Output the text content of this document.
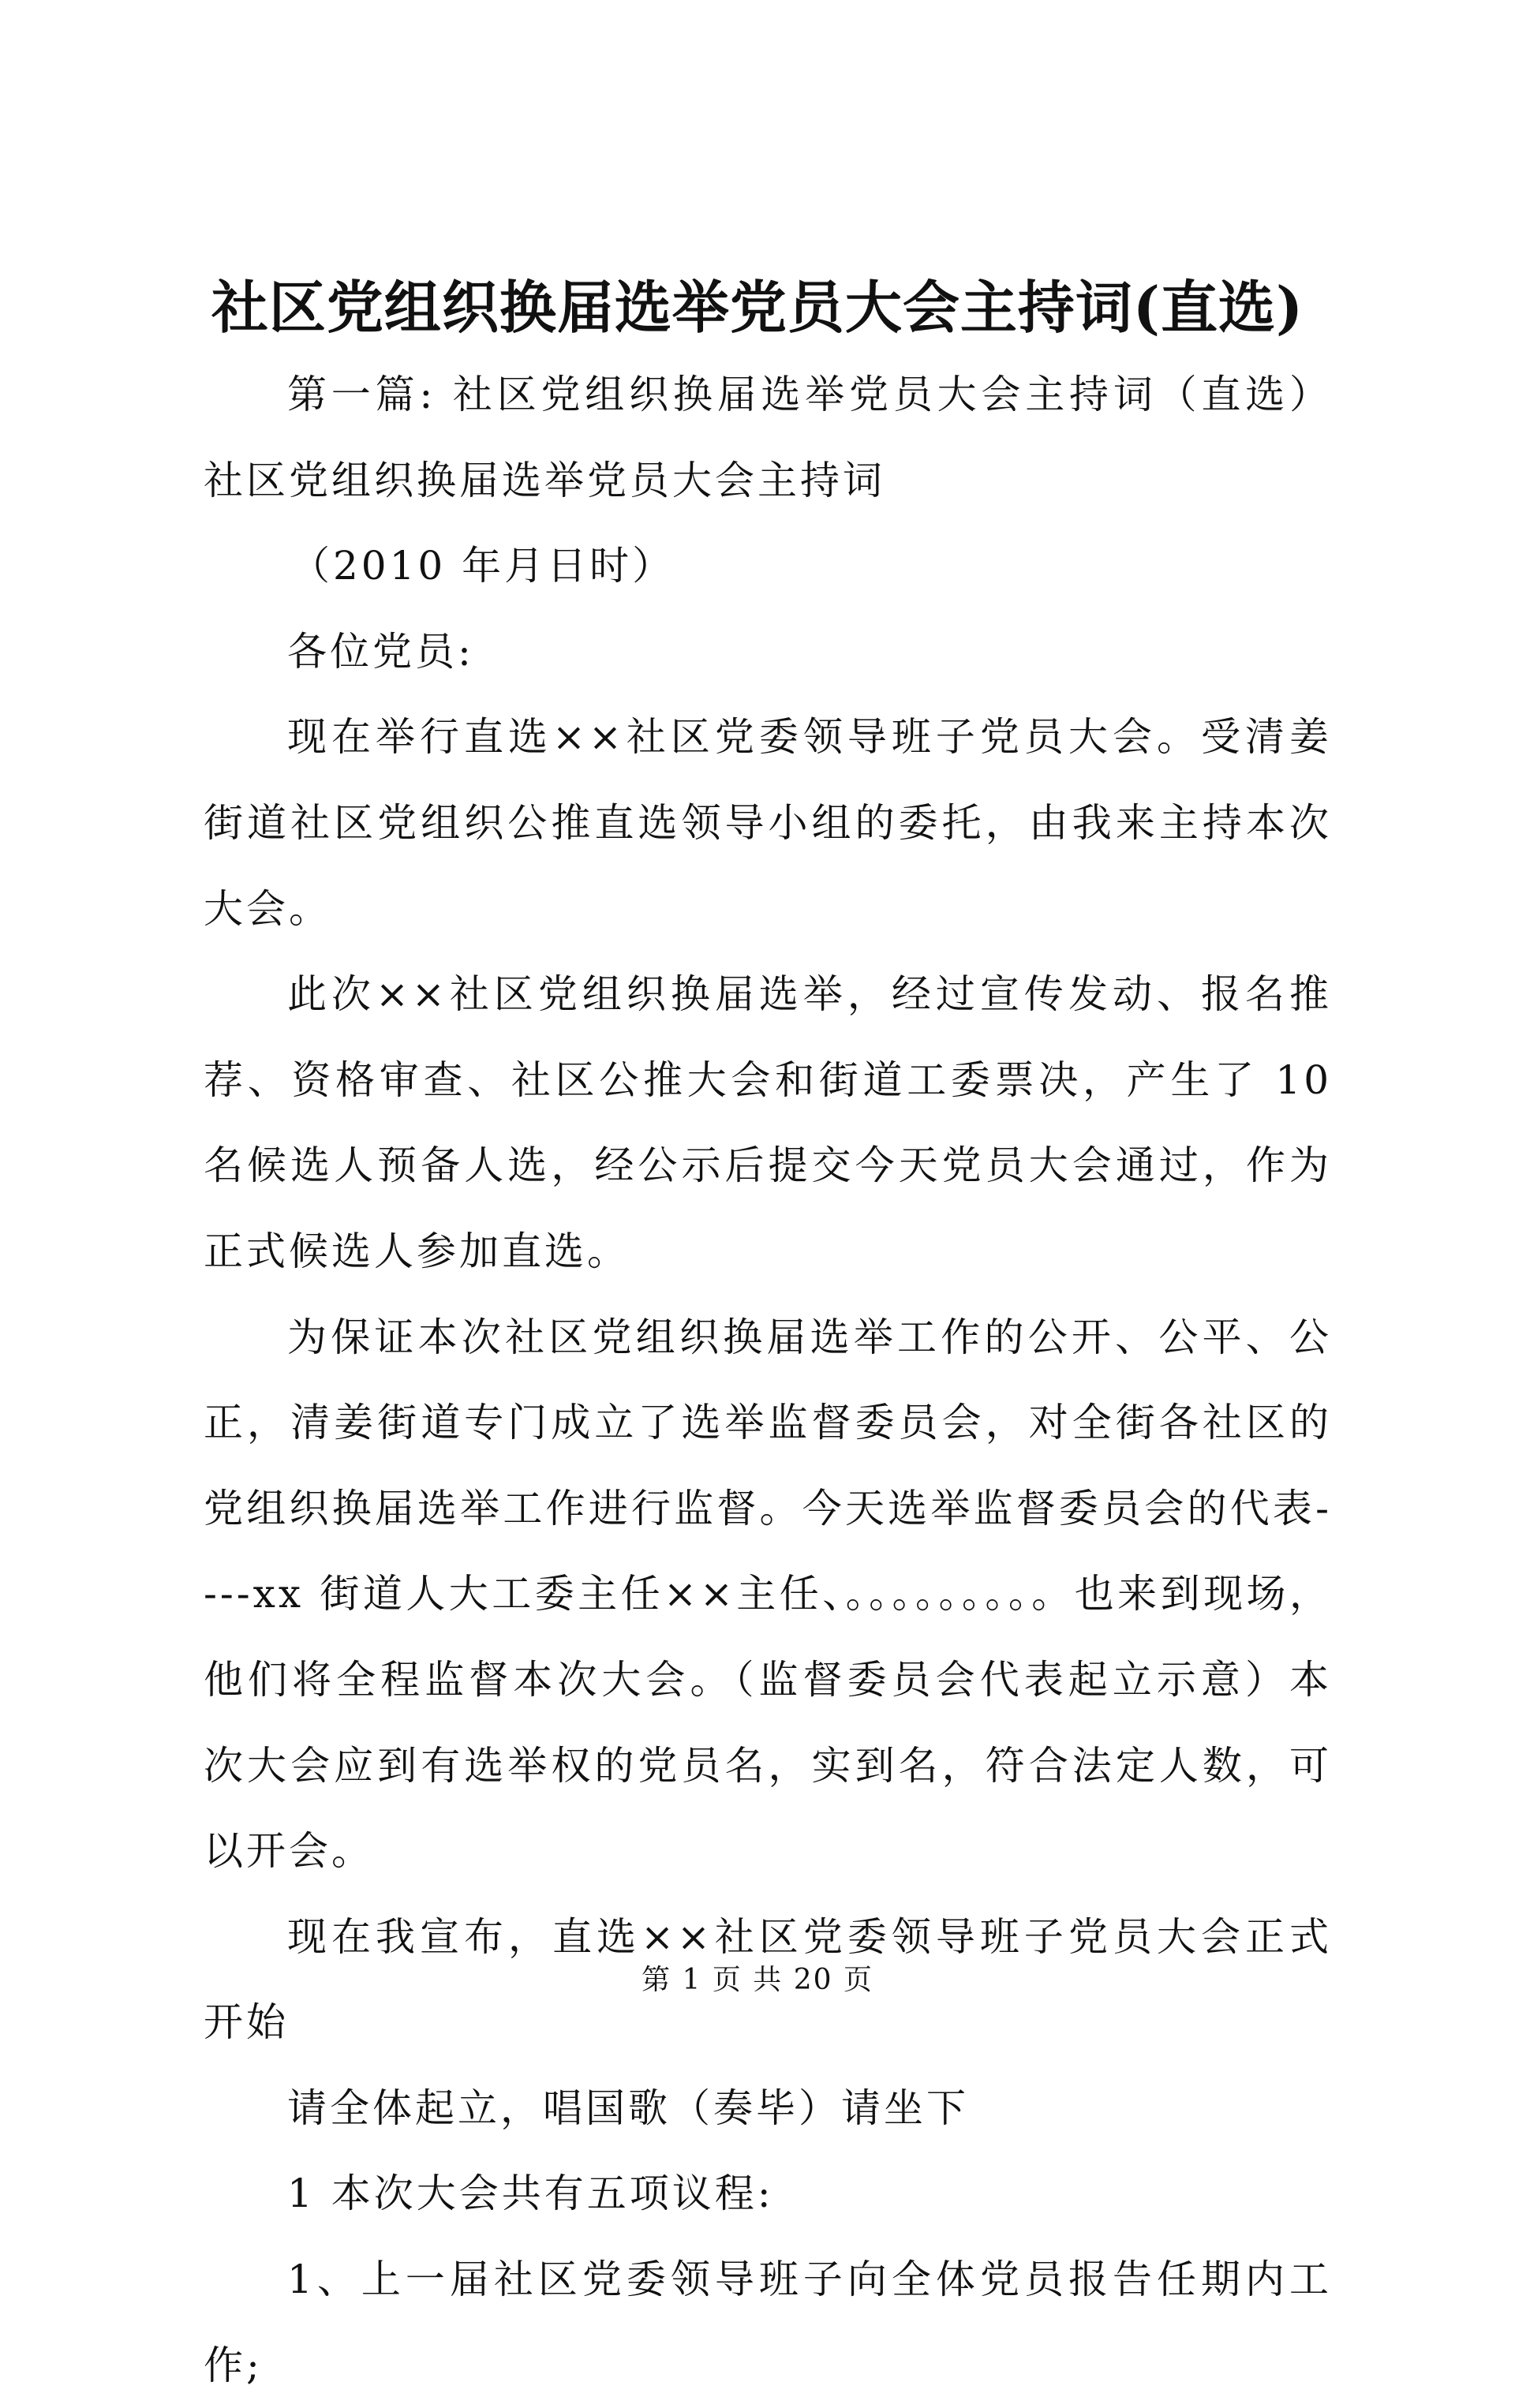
社区党组织换届选举党员大会主持词(直选)

第一篇: 社区党组织换届选举党员大会主持词（直选）社区党组织换届选举党员大会主持词

（2010 年月日时）

各位党员:

现在举行直选××社区党委领导班子党员大会。受清姜街道社区党组织公推直选领导小组的委托，由我来主持本次大会。

此次××社区党组织换届选举，经过宣传发动、报名推荐、资格审查、社区公推大会和街道工委票决，产生了 10 名候选人预备人选，经公示后提交今天党员大会通过，作为正式候选人参加直选。

为保证本次社区党组织换届选举工作的公开、公平、公正，清姜街道专门成立了选举监督委员会，对全街各社区的党组织换届选举工作进行监督。今天选举监督委员会的代表----xx 街道人大工委主任××主任、。。。。。。。。。也来到现场，他们将全程监督本次大会。（监督委员会代表起立示意）本次大会应到有选举权的党员名，实到名，符合法定人数，可以开会。

现在我宣布，直选××社区党委领导班子党员大会正式开始

请全体起立，唱国歌（奏毕）请坐下

1 本次大会共有五项议程:

1、上一届社区党委领导班子向全体党员报告任期内工作;

第 1 页 共 20 页
